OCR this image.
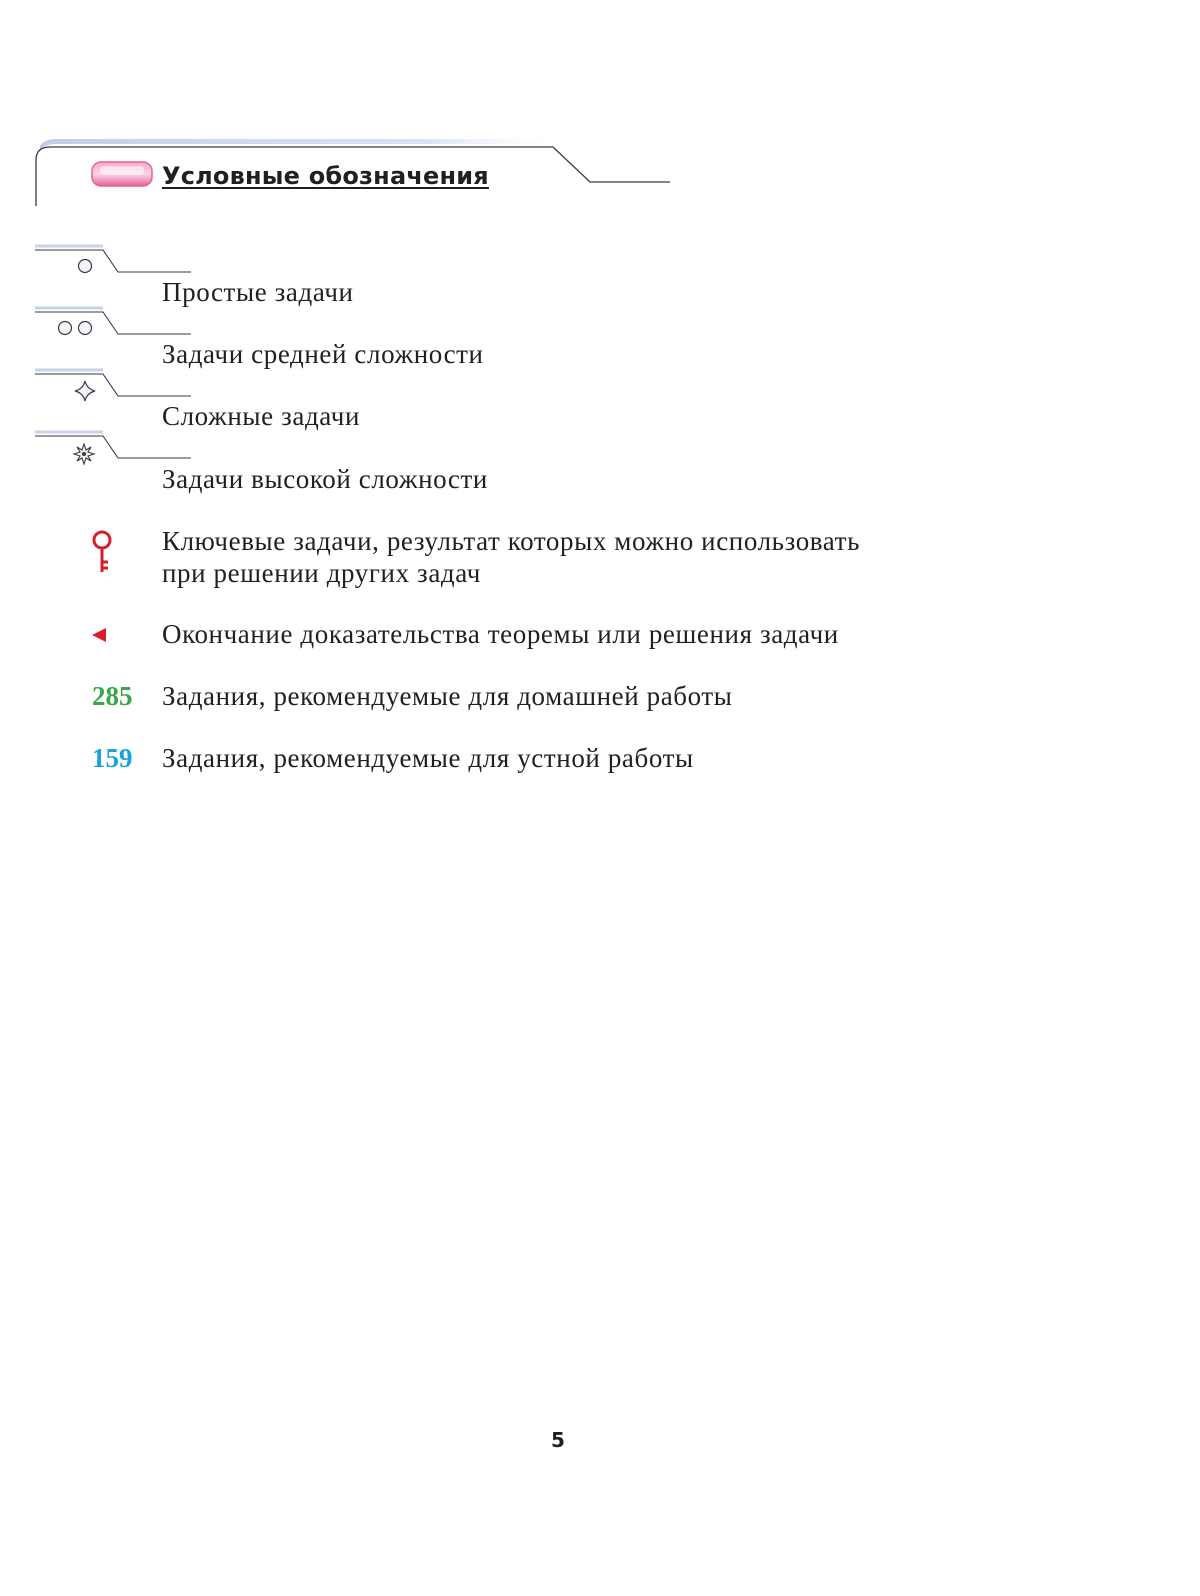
Условные обозначения
Простые задачи
Задачи средней сложности
Сложные задачи
Задачи высокой сложности
Ключевые задачи, результат которых можно использовать
при решении других задач
Окончание доказательства теоремы или решения задачи
285 Задания, рекомендуемые для домашней работы
159 Задания, рекомендуемые для устной работы
5
